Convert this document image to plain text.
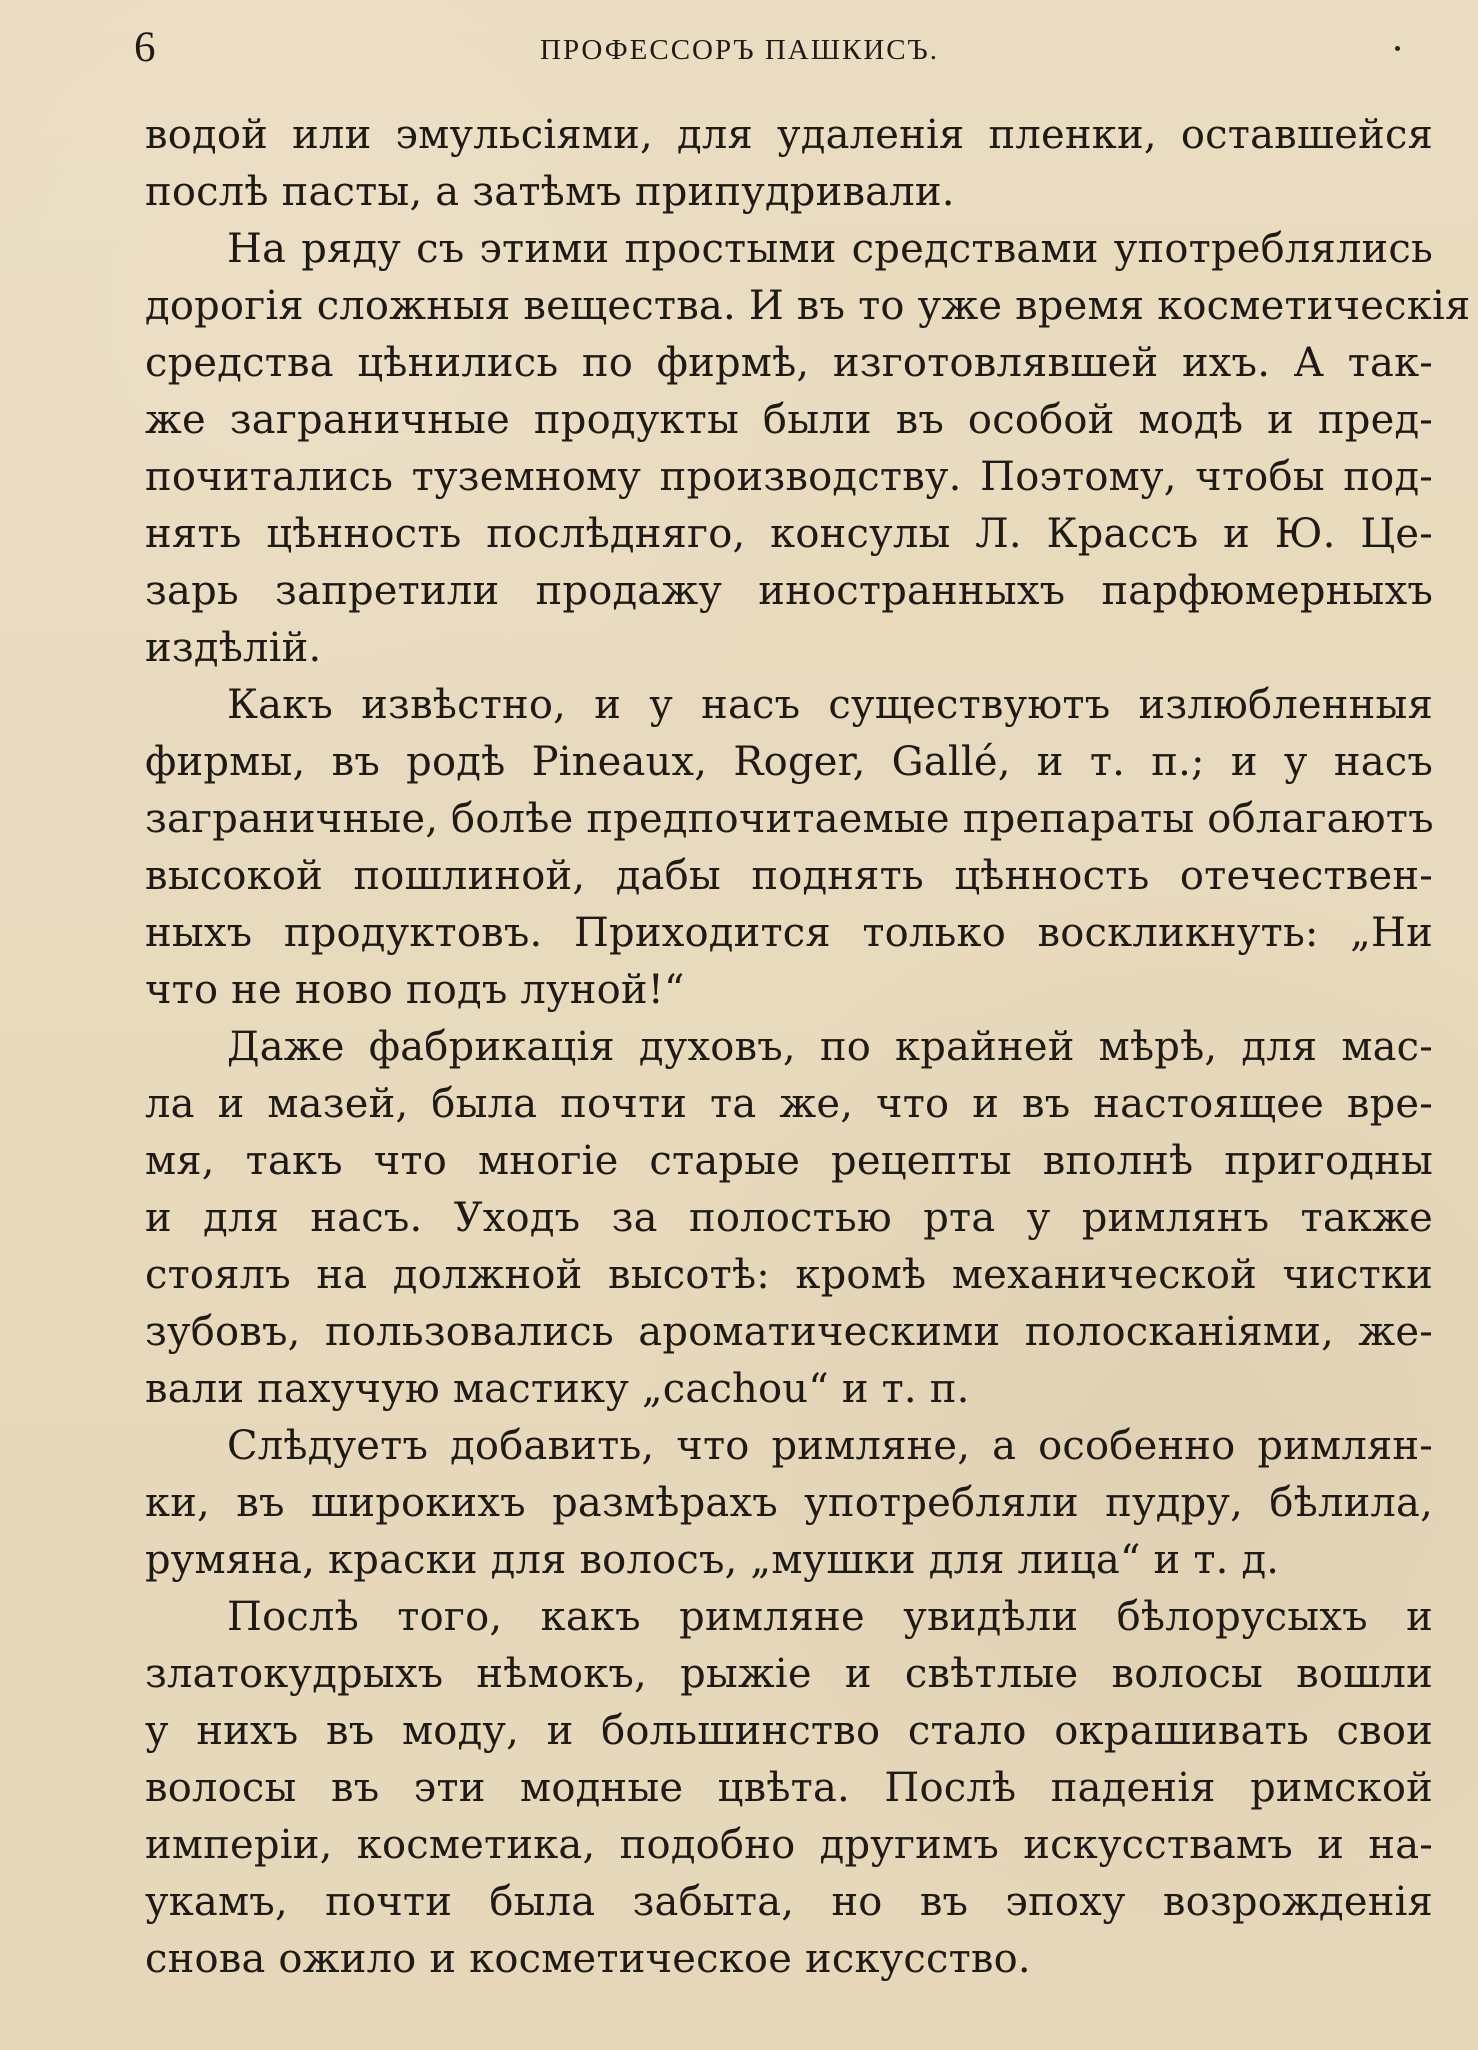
6	ПРОФЕССОРЪ ПАШКИСЪ.
водой или эмульсіями, для удаленія пленки, оставшейся
послѣ пасты, а затѣмъ припудривали.
На ряду съ этими простыми средствами употреблялись
дорогія сложныя вещества. И въ то уже время косметическія
средства цѣнились по фирмѣ, изготовлявшей ихъ. А так-
же заграничные продукты были въ особой модѣ и пред-
почитались туземному производству. Поэтому, чтобы под-
нять цѣнность послѣдняго, консулы Л. Крассъ и Ю. Це-
зарь запретили продажу иностранныхъ парфюмерныхъ
издѣлій.
Какъ извѣстно, и у насъ существуютъ излюбленныя
фирмы, въ родѣ Pineaux, Roger, Gallé, и т. п.; и у насъ
заграничные, болѣе предпочитаемые препараты облагаютъ
высокой пошлиной, дабы поднять цѣнность отечествен-
ныхъ продуктовъ. Приходится только воскликнуть: „Ни
что не ново подъ луной!“
Даже фабрикація духовъ, по крайней мѣрѣ, для мас-
ла и мазей, была почти та же, что и въ настоящее вре-
мя, такъ что многіе старые рецепты вполнѣ пригодны
и для насъ. Уходъ за полостью рта у римлянъ также
стоялъ на должной высотѣ: кромѣ механической чистки
зубовъ, пользовались ароматическими полосканіями, же-
вали пахучую мастику „cachou“ и т. п.
Слѣдуетъ добавить, что римляне, а особенно римлян-
ки, въ широкихъ размѣрахъ употребляли пудру, бѣлила,
румяна, краски для волосъ, „мушки для лица“ и т. д.
Послѣ того, какъ римляне увидѣли бѣлорусыхъ и
златокудрыхъ нѣмокъ, рыжіе и свѣтлые волосы вошли
у нихъ въ моду, и большинство стало окрашивать свои
волосы въ эти модные цвѣта. Послѣ паденія римской
имперіи, косметика, подобно другимъ искусствамъ и на-
укамъ, почти была забыта, но въ эпоху возрожденія
снова ожило и косметическое искусство.
